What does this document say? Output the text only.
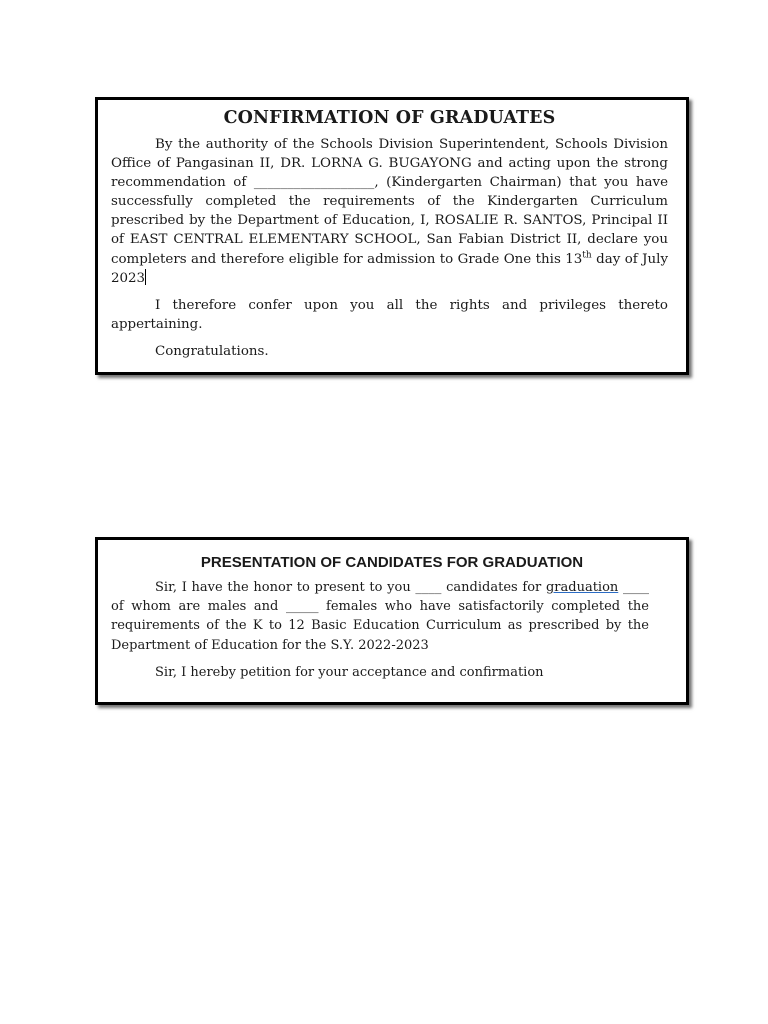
CONFIRMATION OF GRADUATES

By the authority of the Schools Division Superintendent, Schools Division Office of Pangasinan II, DR. LORNA G. BUGAYONG and acting upon the strong recommendation of __________________, (Kindergarten Chairman) that you have successfully completed the requirements of the Kindergarten Curriculum prescribed by the Department of Education, I, ROSALIE R. SANTOS, Principal II of EAST CENTRAL ELEMENTARY SCHOOL, San Fabian District II, declare you completers and therefore eligible for admission to Grade One this 13th day of July 2023

I therefore confer upon you all the rights and privileges thereto appertaining.

Congratulations.

PRESENTATION OF CANDIDATES FOR GRADUATION

Sir, I have the honor to present to you ____ candidates for graduation ____ of whom are males and _____ females who have satisfactorily completed the requirements of the K to 12 Basic Education Curriculum as prescribed by the Department of Education for the S.Y. 2022-2023

Sir, I hereby petition for your acceptance and confirmation
